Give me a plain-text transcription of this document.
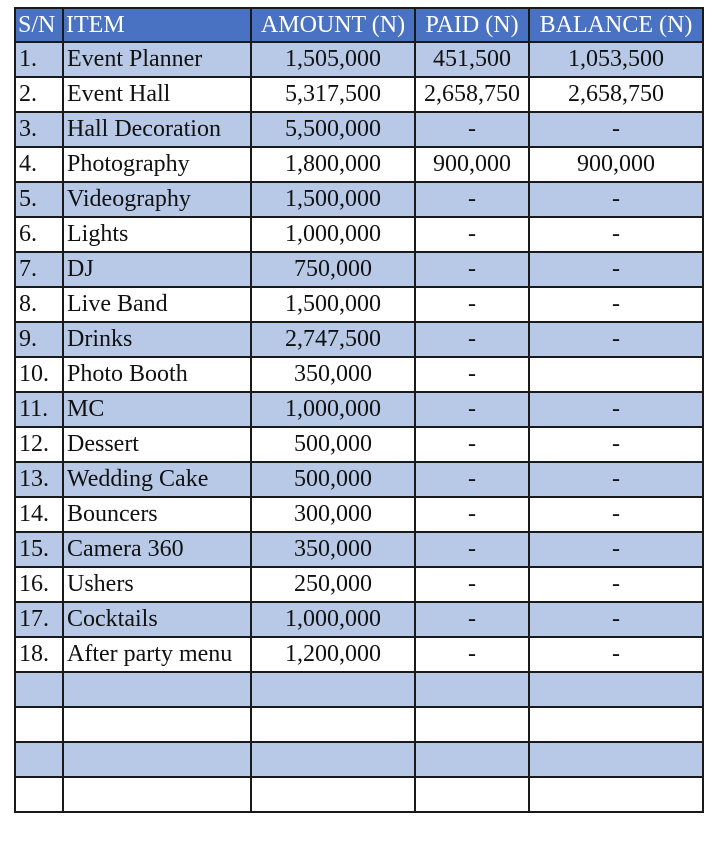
S/N	ITEM	AMOUNT (N)	PAID (N)	BALANCE (N)
1.	Event Planner	1,505,000	451,500	1,053,500
2.	Event Hall	5,317,500	2,658,750	2,658,750
3.	Hall Decoration	5,500,000	-	-
4.	Photography	1,800,000	900,000	900,000
5.	Videography	1,500,000	-	-
6.	Lights	1,000,000	-	-
7.	DJ	750,000	-	-
8.	Live Band	1,500,000	-	-
9.	Drinks	2,747,500	-	-
10.	Photo Booth	350,000	-	
11.	MC	1,000,000	-	-
12.	Dessert	500,000	-	-
13.	Wedding Cake	500,000	-	-
14.	Bouncers	300,000	-	-
15.	Camera 360	350,000	-	-
16.	Ushers	250,000	-	-
17.	Cocktails	1,000,000	-	-
18.	After party menu	1,200,000	-	-
